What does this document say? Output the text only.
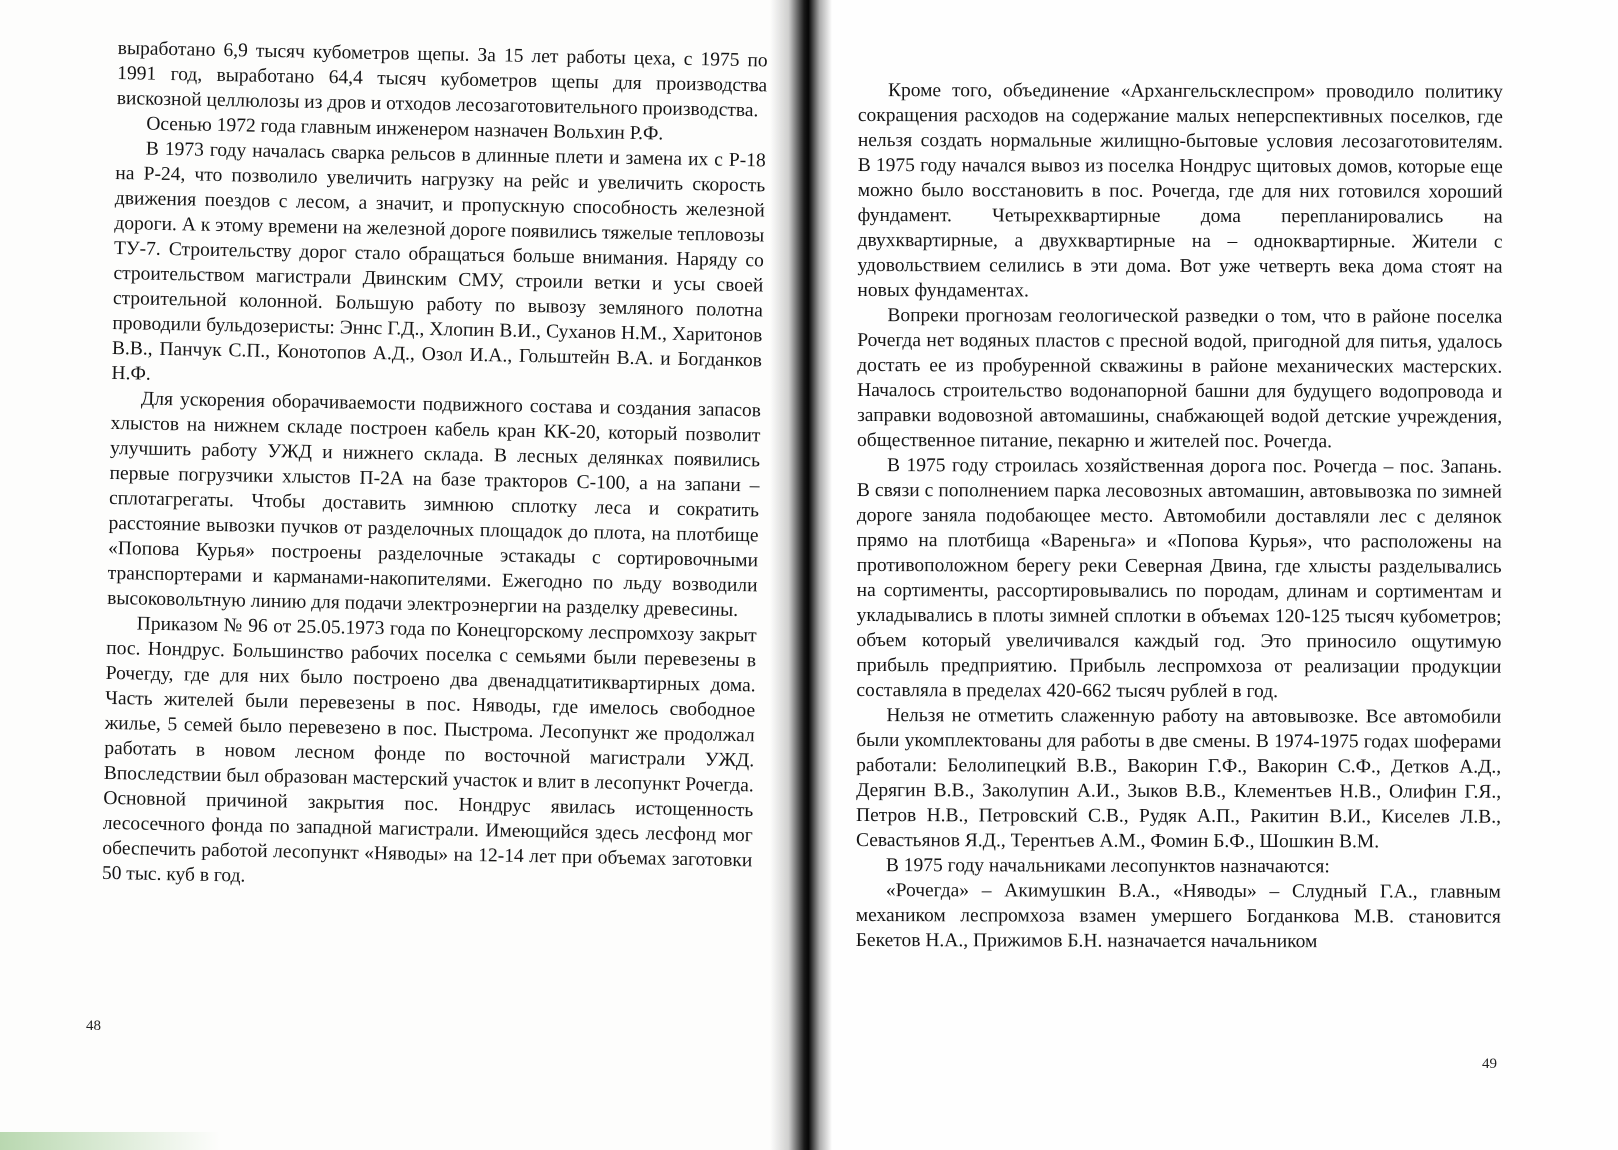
выработано 6,9 тысяч кубометров щепы. За 15 лет работы цеха, с 1975 по 1991 год, выработано 64,4 тысяч кубометров щепы для производства вискозной целлюлозы из дров и отходов лесозаготовительного производства.

Осенью 1972 года главным инженером назначен Вольхин Р.Ф.

В 1973 году началась сварка рельсов в длинные плети и замена их с Р-18 на Р-24, что позволило увеличить нагрузку на рейс и увеличить скорость движения поездов с лесом, а значит, и пропускную способность железной дороги. А к этому времени на железной дороге появились тяжелые тепловозы ТУ-7. Строительству дорог стало обращаться больше внимания. Наряду со строительством магистрали Двинским СМУ, строили ветки и усы своей строительной колонной. Большую работу по вывозу земляного полотна проводили бульдозеристы: Эннс Г.Д., Хлопин В.И., Суханов Н.М., Харитонов В.В., Панчук С.П., Конотопов А.Д., Озол И.А., Гольштейн В.А. и Богданков Н.Ф.

Для ускорения оборачиваемости подвижного состава и создания запасов хлыстов на нижнем складе построен кабель кран КК-20, который позволит улучшить работу УЖД и нижнего склада. В лесных делянках появились первые погрузчики хлыстов П-2А на базе тракторов С-100, а на запани – сплотагрегаты. Чтобы доставить зимнюю сплотку леса и сократить расстояние вывозки пучков от разделочных площадок до плота, на плотбище «Попова Курья» построены разделочные эстакады с сортировочными транспортерами и карманами-накопителями. Ежегодно по льду возводили высоковольтную линию для подачи электроэнергии на разделку древесины.

Приказом № 96 от 25.05.1973 года по Конецгорскому леспромхозу закрыт пос. Нондрус. Большинство рабочих поселка с семьями были перевезены в Рочегду, где для них было построено два двенадцатитиквартирных дома. Часть жителей были перевезены в пос. Няводы, где имелось свободное жилье, 5 семей было перевезено в пос. Пыстрома. Лесопункт же продолжал работать в новом лесном фонде по восточной магистрали УЖД. Впоследствии был образован мастерский участок и влит в лесопункт Рочегда. Основной причиной закрытия пос. Нондрус явилась истощенность лесосечного фонда по западной магистрали. Имеющийся здесь лесфонд мог обеспечить работой лесопункт «Няводы» на 12-14 лет при объемах заготовки 50 тыс. куб в год.

Кроме того, объединение «Архангельсклеспром» проводило политику сокращения расходов на содержание малых неперспективных поселков, где нельзя создать нормальные жилищно-бытовые условия лесозаготовителям. В 1975 году начался вывоз из поселка Нондрус щитовых домов, которые еще можно было восстановить в пос. Рочегда, где для них готовился хороший фундамент. Четырехквартирные дома перепланировались на двухквартирные, а двухквартирные на – одноквартирные. Жители с удовольствием селились в эти дома. Вот уже четверть века дома стоят на новых фундаментах.

Вопреки прогнозам геологической разведки о том, что в районе поселка Рочегда нет водяных пластов с пресной водой, пригодной для питья, удалось достать ее из пробуренной скважины в районе механических мастерских. Началось строительство водонапорной башни для будущего водопровода и заправки водовозной автомашины, снабжающей водой детские учреждения, общественное питание, пекарню и жителей пос. Рочегда.

В 1975 году строилась хозяйственная дорога пос. Рочегда – пос. Запань. В связи с пополнением парка лесовозных автомашин, автовывозка по зимней дороге заняла подобающее место. Автомобили доставляли лес с делянок прямо на плотбища «Вареньга» и «Попова Курья», что расположены на противоположном берегу реки Северная Двина, где хлысты разделывались на сортименты, рассортировывались по породам, длинам и сортиментам и укладывались в плоты зимней сплотки в объемах 120-125 тысяч кубометров; объем который увеличивался каждый год. Это приносило ощутимую прибыль предприятию. Прибыль леспромхоза от реализации продукции составляла в пределах 420-662 тысяч рублей в год.

Нельзя не отметить слаженную работу на автовывозке. Все автомобили были укомплектованы для работы в две смены. В 1974-1975 годах шоферами работали: Белолипецкий В.В., Вакорин Г.Ф., Вакорин С.Ф., Детков А.Д., Дерягин В.В., Заколупин А.И., Зыков В.В., Клементьев Н.В., Олифин Г.Я., Петров Н.В., Петровский С.В., Рудяк А.П., Ракитин В.И., Киселев Л.В., Севастьянов Я.Д., Терентьев А.М., Фомин Б.Ф., Шошкин В.М.

В 1975 году начальниками лесопунктов назначаются:

«Рочегда» – Акимушкин В.А., «Няводы» – Слудный Г.А., главным механиком леспромхоза взамен умершего Богданкова М.В. становится Бекетов Н.А., Прижимов Б.Н. назначается начальником

48
49
